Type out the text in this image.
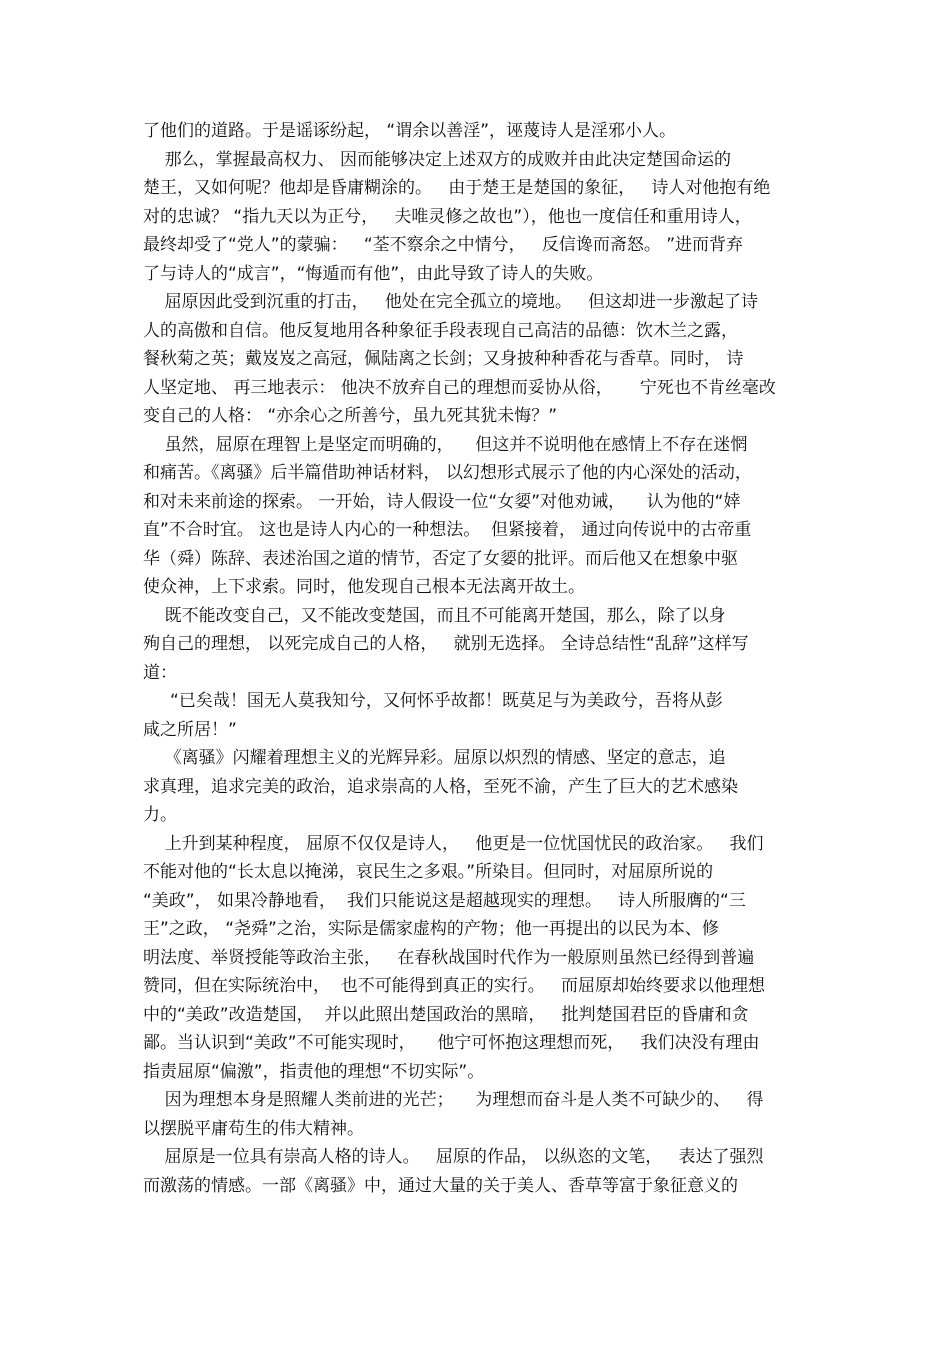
了他们的道路。于是谣诼纷起， “谓余以善淫”，诬蔑诗人是淫邪小人。
那么，掌握最高权力、 因而能够决定上述双方的成败并由此决定楚国命运的
楚王，又如何呢？他却是昏庸糊涂的。   由于楚王是楚国的象征，   诗人对他抱有绝
对的忠诚？ “指九天以为正兮，   夫唯灵修之故也”），他也一度信任和重用诗人，
最终却受了“党人”的蒙骗：   “荃不察余之中情兮，   反信谗而斋怒。 ”进而背弃
了与诗人的“成言”，“悔遁而有他”，由此导致了诗人的失败。
屈原因此受到沉重的打击，   他处在完全孤立的境地。   但这却进一步激起了诗
人的高傲和自信。他反复地用各种象征手段表现自己高洁的品德：饮木兰之露，
餐秋菊之英；戴岌岌之高冠，佩陆离之长剑；又身披种种香花与香草。同时， 诗
人坚定地、 再三地表示： 他决不放弃自己的理想而妥协从俗，     宁死也不肯丝毫改
变自己的人格： “亦余心之所善兮，虽九死其犹未悔？”
虽然，屈原在理智上是坚定而明确的，    但这并不说明他在感情上不存在迷惘
和痛苦。《离骚》后半篇借助神话材料， 以幻想形式展示了他的内心深处的活动，
和对未来前途的探索。 一开始，诗人假设一位“女媭”对他劝诫，    认为他的“婞
直”不合时宜。 这也是诗人内心的一种想法。  但紧接着， 通过向传说中的古帝重
华（舜）陈辞、表述治国之道的情节，否定了女媭的批评。而后他又在想象中驱
使众神，上下求索。同时，他发现自己根本无法离开故土。
既不能改变自己，又不能改变楚国，而且不可能离开楚国，那么，除了以身
殉自己的理想， 以死完成自己的人格，   就别无选择。 全诗总结性“乱辞”这样写
道：
“已矣哉！国无人莫我知兮，又何怀乎故都！既莫足与为美政兮，吾将从彭
咸之所居！”
《离骚》闪耀着理想主义的光辉异彩。屈原以炽烈的情感、坚定的意志，追
求真理，追求完美的政治，追求崇高的人格，至死不渝，产生了巨大的艺术感染
力。
上升到某种程度， 屈原不仅仅是诗人，   他更是一位忧国忧民的政治家。   我们
不能对他的“长太息以掩涕，哀民生之多艰。”所染目。但同时，对屈原所说的
“美政”， 如果冷静地看，  我们只能说这是超越现实的理想。   诗人所服膺的“三
王”之政， “尧舜”之治，实际是儒家虚构的产物；他一再提出的以民为本、修
明法度、举贤授能等政治主张，   在春秋战国时代作为一般原则虽然已经得到普遍
赞同，但在实际统治中，  也不可能得到真正的实行。   而屈原却始终要求以他理想
中的“美政”改造楚国，  并以此照出楚国政治的黑暗，   批判楚国君臣的昏庸和贪
鄙。当认识到“美政”不可能实现时，    他宁可怀抱这理想而死，   我们决没有理由
指责屈原“偏激”，指责他的理想“不切实际”。
因为理想本身是照耀人类前进的光芒；    为理想而奋斗是人类不可缺少的、   得
以摆脱平庸苟生的伟大精神。
屈原是一位具有崇高人格的诗人。   屈原的作品， 以纵恣的文笔，   表达了强烈
而激荡的情感。一部《离骚》中，通过大量的关于美人、香草等富于象征意义的
